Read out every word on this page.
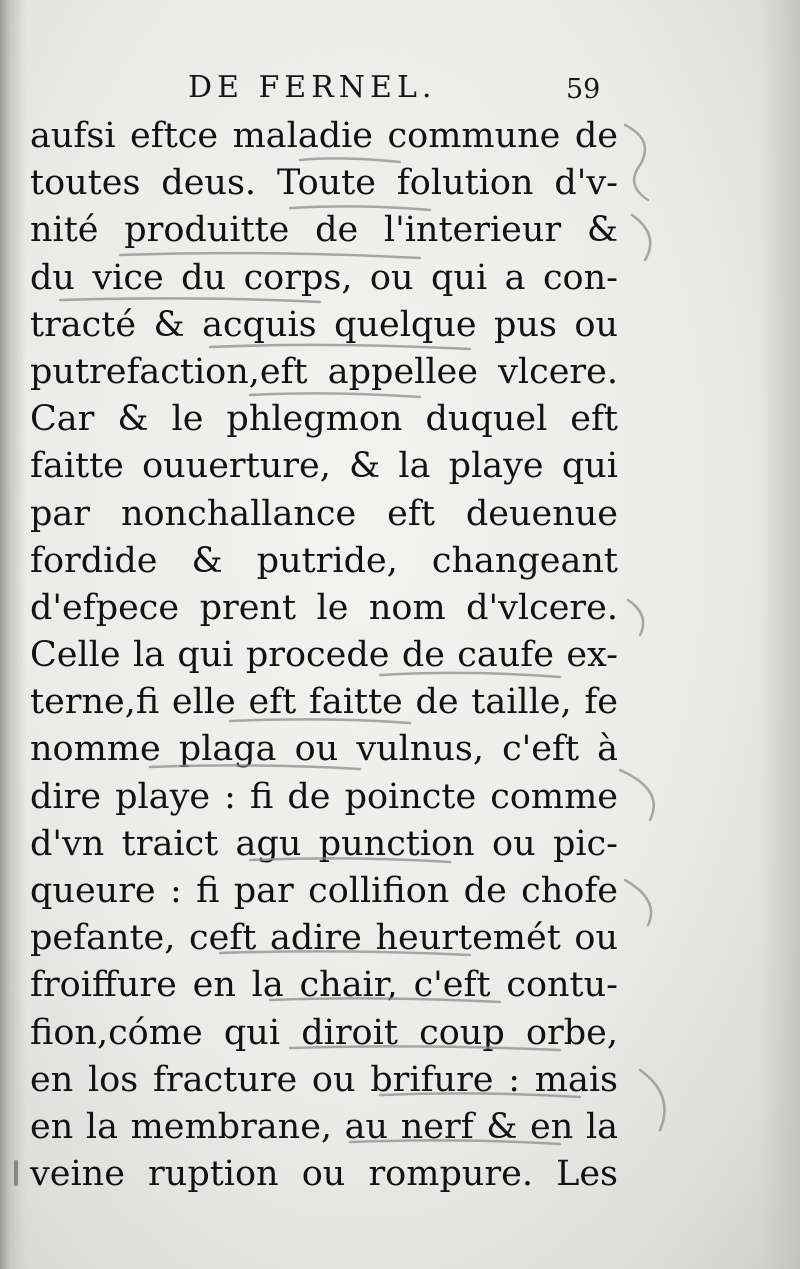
DE FERNEL.	59
aufsi eftce maladie commune de
toutes deus. Toute folution d'v-
nité produitte de l'interieur &
du vice du corps, ou qui a con-
tracté & acquis quelque pus ou
putrefaction,eft appellee vlcere.
Car & le phlegmon duquel eft
faitte ouuerture, & la playe qui
par nonchallance eft deuenue
fordide & putride, changeant
d'efpece prent le nom d'vlcere.
Celle la qui procede de caufe ex-
terne,fi elle eft faitte de taille, fe
nomme plaga ou vulnus, c'eft à
dire playe : fi de poincte comme
d'vn traict agu punction ou pic-
queure : fi par collifion de chofe
pefante, ceft adire heurtemét ou
froiffure en la chair, c'eft contu-
fion,cóme qui diroit coup orbe,
en los fracture ou brifure : mais
en la membrane, au nerf & en la
veine ruption ou rompure. Les
